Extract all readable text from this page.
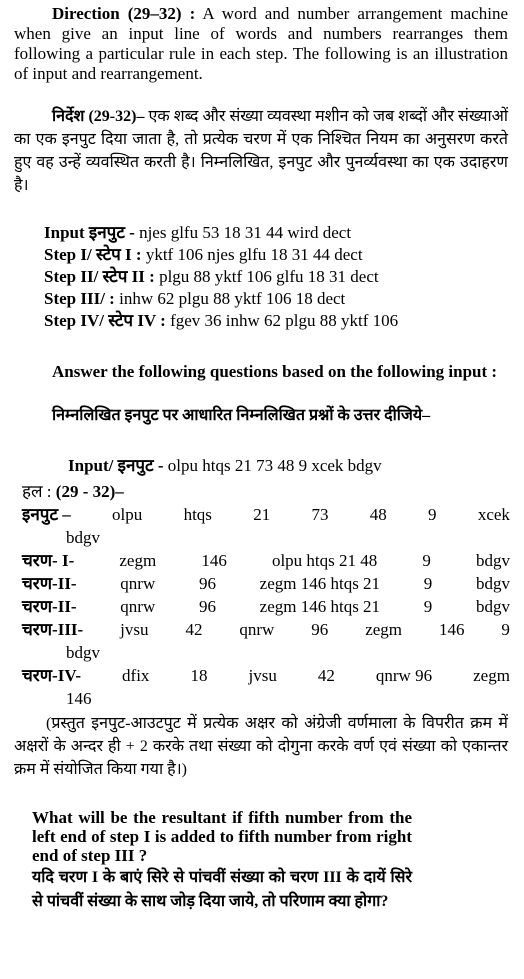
Direction (29–32) : A word and number arrangement machine when give an input line of words and numbers rearranges them following a particular rule in each step. The following is an illustration of input and rearrangement.

निर्देश (29-32)– एक शब्द और संख्या व्यवस्था मशीन को जब शब्दों और संख्याओं का एक इनपुट दिया जाता है, तो प्रत्येक चरण में एक निश्चित नियम का अनुसरण करते हुए वह उन्हें व्यवस्थित करती है। निम्नलिखित, इनपुट और पुनर्व्यवस्था का एक उदाहरण है।

Input इनपुट - njes glfu 53 18 31 44 wird dect

Step I/ स्टेप I : yktf 106 njes glfu 18 31 44 dect

Step II/ स्टेप II : plgu 88 yktf 106 glfu 18 31 dect

Step III/ : inhw 62 plgu 88 yktf 106 18 dect

Step IV/ स्टेप IV : fgev 36 inhw 62 plgu 88 yktf 106

Answer the following questions based on the following input :

निम्नलिखित इनपुट पर आधारित निम्नलिखित प्रश्नों के उत्तर दीजिये–

Input/ इनपुट - olpu htqs 21 73 48 9 xcek bdgv

हल : (29 - 32)–

इनपुट – olpu htqs 21 73 48 9 xcek

bdgv

चरण- I-	zegm	146	olpu htqs 21 48	9	bdgv
चरण-II-	qnrw	96	zegm 146 htqs 21	9	bdgv
चरण-II-	qnrw	96	zegm 146 htqs 21	9	bdgv
चरण-III- jvsu 42 qnrw 96 zegm 146 9

bdgv

चरण-IV- dfix 18 jvsu 42 qnrw 96 zegm

146

(प्रस्तुत इनपुट-आउटपुट में प्रत्येक अक्षर को अंग्रेजी वर्णमाला के विपरीत क्रम में अक्षरों के अन्दर ही + 2 करके तथा संख्या को दोगुना करके वर्ण एवं संख्या को एकान्तर क्रम में संयोजित किया गया है।)

What will be the resultant if fifth number from the left end of step I is added to fifth number from right end of step III ?

यदि चरण I के बाएं सिरे से पांचवीं संख्या को चरण III के दायें सिरे से पांचवीं संख्या के साथ जोड़ दिया जाये, तो परिणाम क्या होगा?
